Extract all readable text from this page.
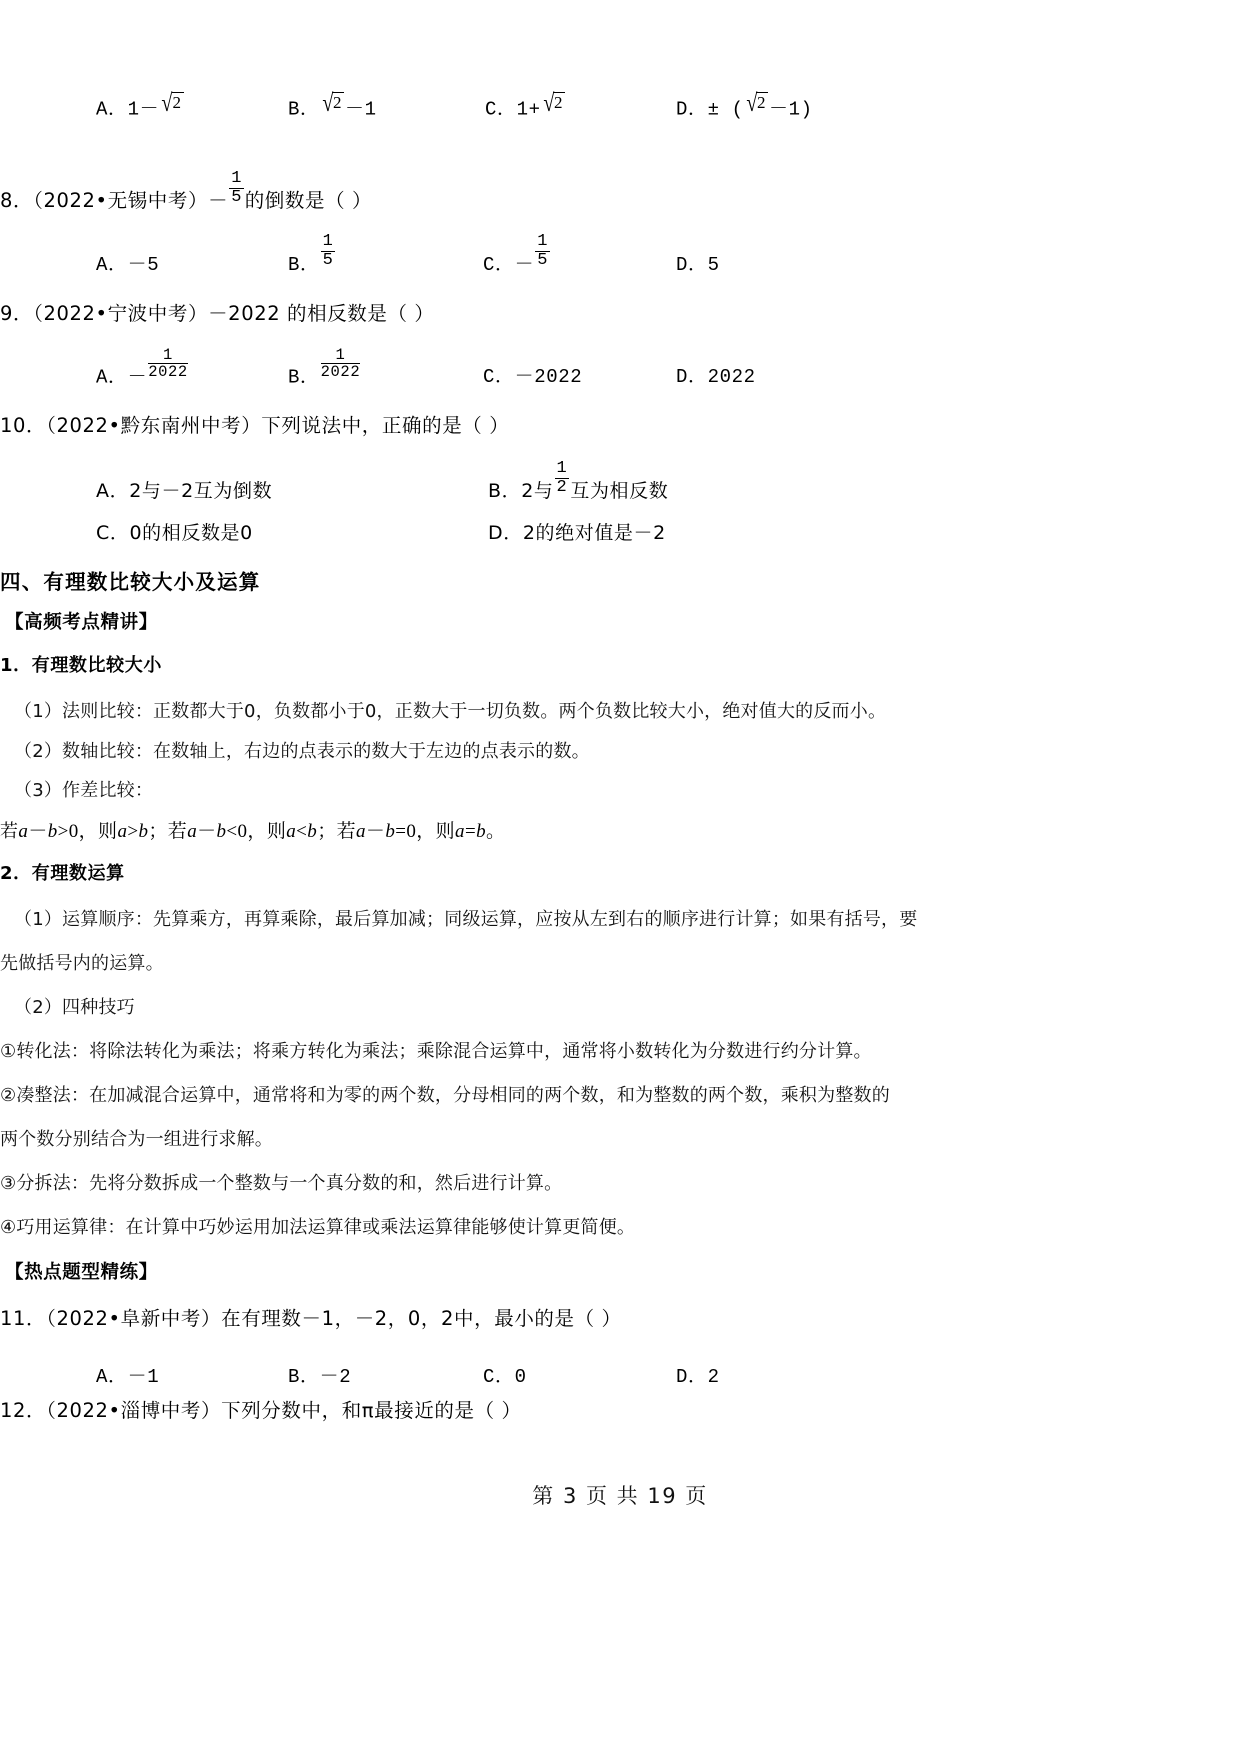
A．1－√2	B．√2 －1	C．1+√2	D．± (√2 －1)
8．（2022•无锡中考）－ $\frac{1}{5}$ 的倒数是（ ）
A．－5	B． $\frac{1}{5}$	C．－ $\frac{1}{5}$	D．5
9．（2022•宁波中考）－2022 的相反数是（ ）
A．－ $\frac{1}{2022}$	B． $\frac{1}{2022}$	C．－2022	D．2022
10．（2022•黔东南州中考）下列说法中，正确的是（ ）
A．2与－2互为倒数	B．2与 $\frac{1}{2}$ 互为相反数
C．0的相反数是0	D．2的绝对值是－2
四、有理数比较大小及运算
【高频考点精讲】
1．有理数比较大小
（1）法则比较：正数都大于0，负数都小于0，正数大于一切负数。两个负数比较大小，绝对值大的反而小。
（2）数轴比较：在数轴上，右边的点表示的数大于左边的点表示的数。
（3）作差比较：
若a－b>0，则a>b；若a－b<0，则a<b；若a－b=0，则a=b。
2．有理数运算
（1）运算顺序：先算乘方，再算乘除，最后算加减；同级运算，应按从左到右的顺序进行计算；如果有括号，要
先做括号内的运算。
（2）四种技巧
①转化法：将除法转化为乘法；将乘方转化为乘法；乘除混合运算中，通常将小数转化为分数进行约分计算。
②凑整法：在加减混合运算中，通常将和为零的两个数，分母相同的两个数，和为整数的两个数，乘积为整数的
两个数分别结合为一组进行求解。
③分拆法：先将分数拆成一个整数与一个真分数的和，然后进行计算。
④巧用运算律：在计算中巧妙运用加法运算律或乘法运算律能够使计算更简便。
【热点题型精练】
11．（2022•阜新中考）在有理数－1，－2，0，2中，最小的是（ ）
A．－1	B．－2	C．0	D．2
12．（2022•淄博中考）下列分数中，和π最接近的是（ ）
第 3 页 共 19 页
